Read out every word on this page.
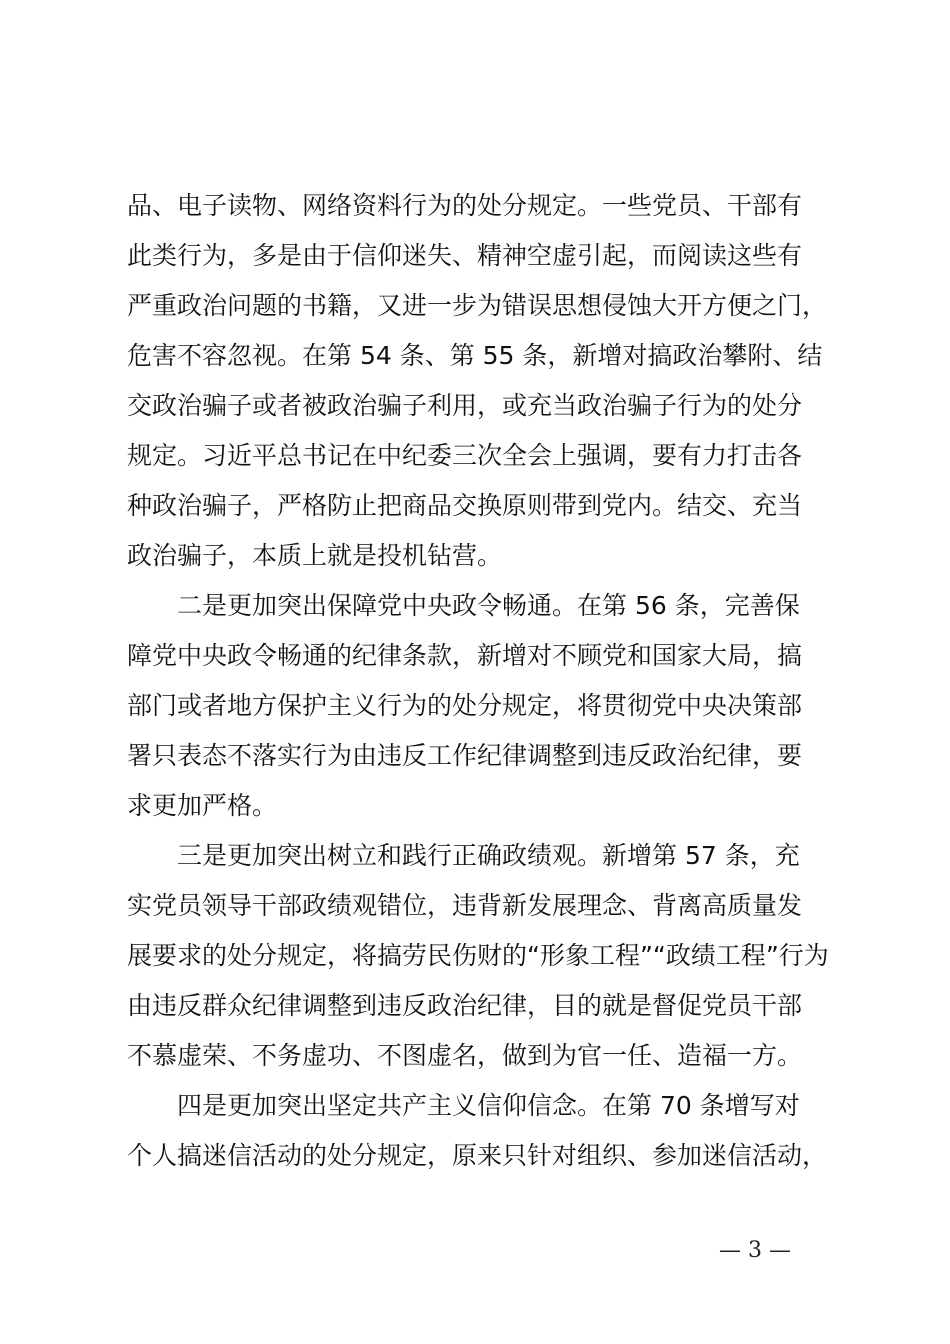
品、电子读物、网络资料行为的处分规定。一些党员、干部有
此类行为，多是由于信仰迷失、精神空虚引起，而阅读这些有
严重政治问题的书籍，又进一步为错误思想侵蚀大开方便之门，
危害不容忽视。在第 54 条、第 55 条，新增对搞政治攀附、结
交政治骗子或者被政治骗子利用，或充当政治骗子行为的处分
规定。习近平总书记在中纪委三次全会上强调，要有力打击各
种政治骗子，严格防止把商品交换原则带到党内。结交、充当
政治骗子，本质上就是投机钻营。
　　二是更加突出保障党中央政令畅通。在第 56 条，完善保
障党中央政令畅通的纪律条款，新增对不顾党和国家大局，搞
部门或者地方保护主义行为的处分规定，将贯彻党中央决策部
署只表态不落实行为由违反工作纪律调整到违反政治纪律，要
求更加严格。
　　三是更加突出树立和践行正确政绩观。新增第 57 条，充
实党员领导干部政绩观错位，违背新发展理念、背离高质量发
展要求的处分规定，将搞劳民伤财的“形象工程”“政绩工程”行为
由违反群众纪律调整到违反政治纪律，目的就是督促党员干部
不慕虚荣、不务虚功、不图虚名，做到为官一任、造福一方。
　　四是更加突出坚定共产主义信仰信念。在第 70 条增写对
个人搞迷信活动的处分规定，原来只针对组织、参加迷信活动，
— 3 —
